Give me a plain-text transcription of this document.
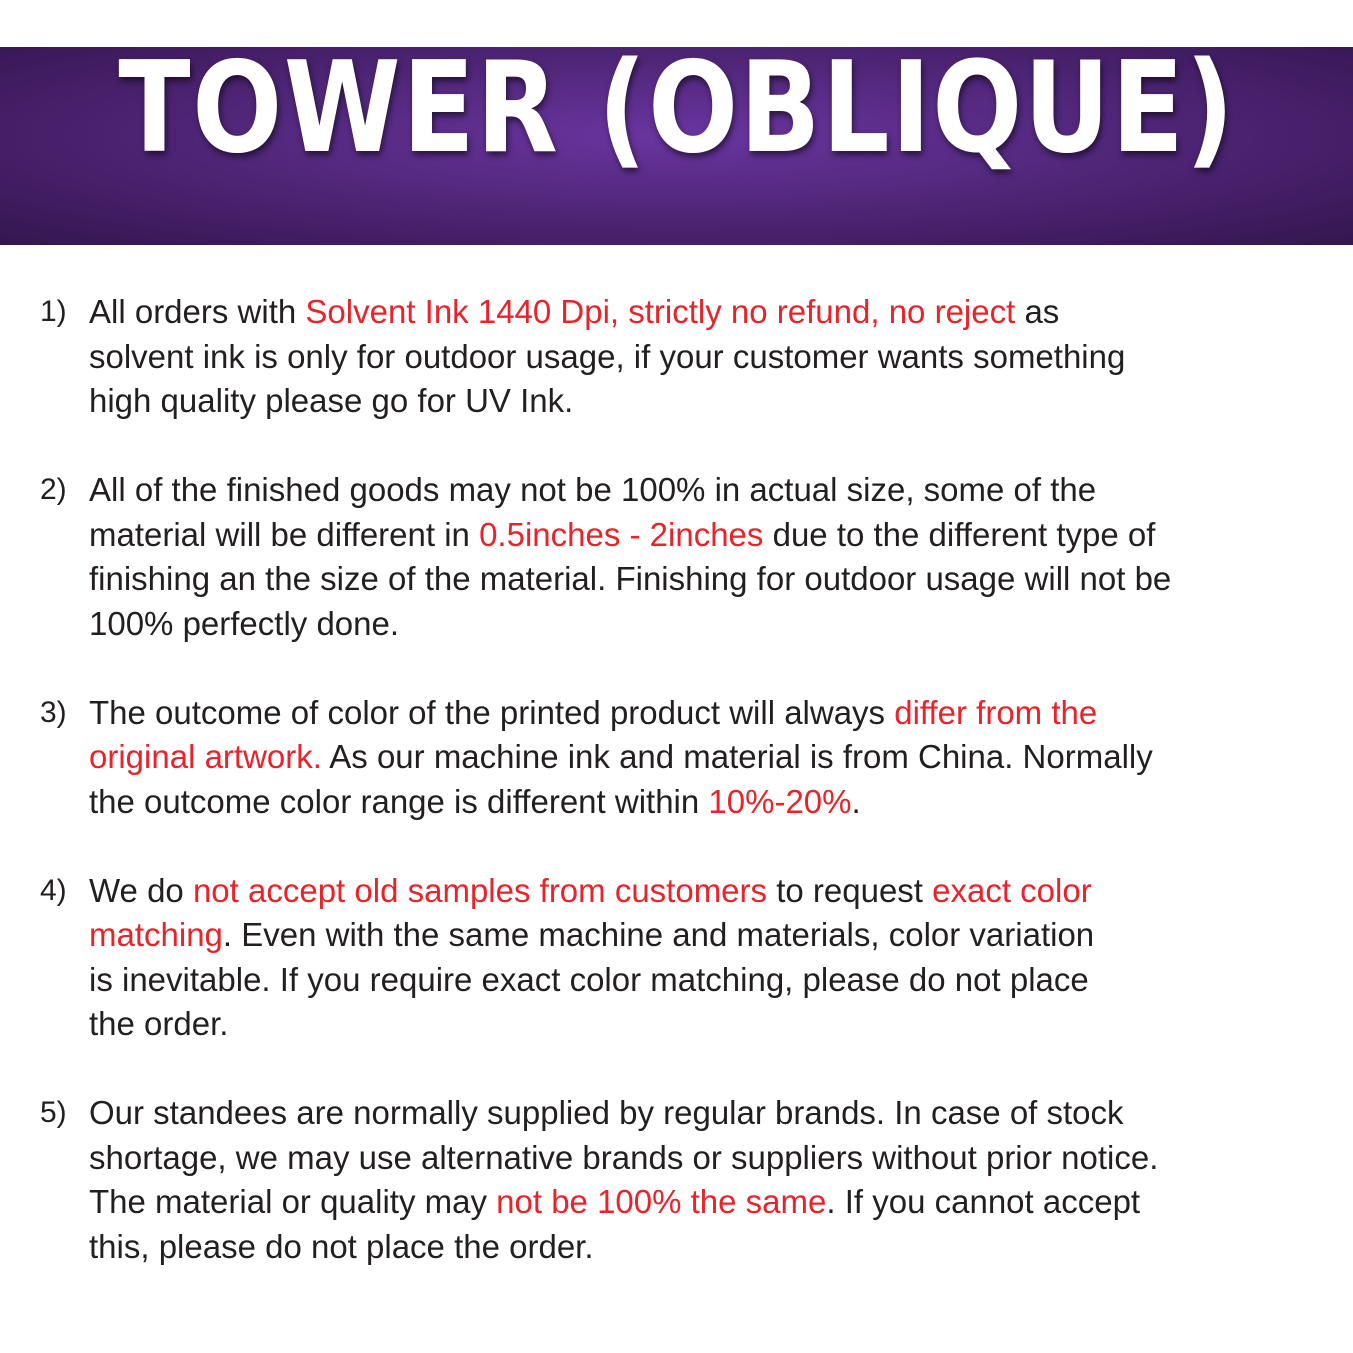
TOWER (OBLIQUE)
1) All orders with Solvent Ink 1440 Dpi, strictly no refund, no reject as
solvent ink is only for outdoor usage, if your customer wants something
high quality please go for UV Ink.
2) All of the finished goods may not be 100% in actual size, some of the
material will be different in 0.5inches - 2inches due to the different type of
finishing an the size of the material. Finishing for outdoor usage will not be
100% perfectly done.
3) The outcome of color of the printed product will always differ from the
original artwork. As our machine ink and material is from China. Normally
the outcome color range is different within 10%-20%.
4) We do not accept old samples from customers to request exact color
matching. Even with the same machine and materials, color variation
is inevitable. If you require exact color matching, please do not place
the order.
5) Our standees are normally supplied by regular brands. In case of stock
shortage, we may use alternative brands or suppliers without prior notice.
The material or quality may not be 100% the same. If you cannot accept
this, please do not place the order.
